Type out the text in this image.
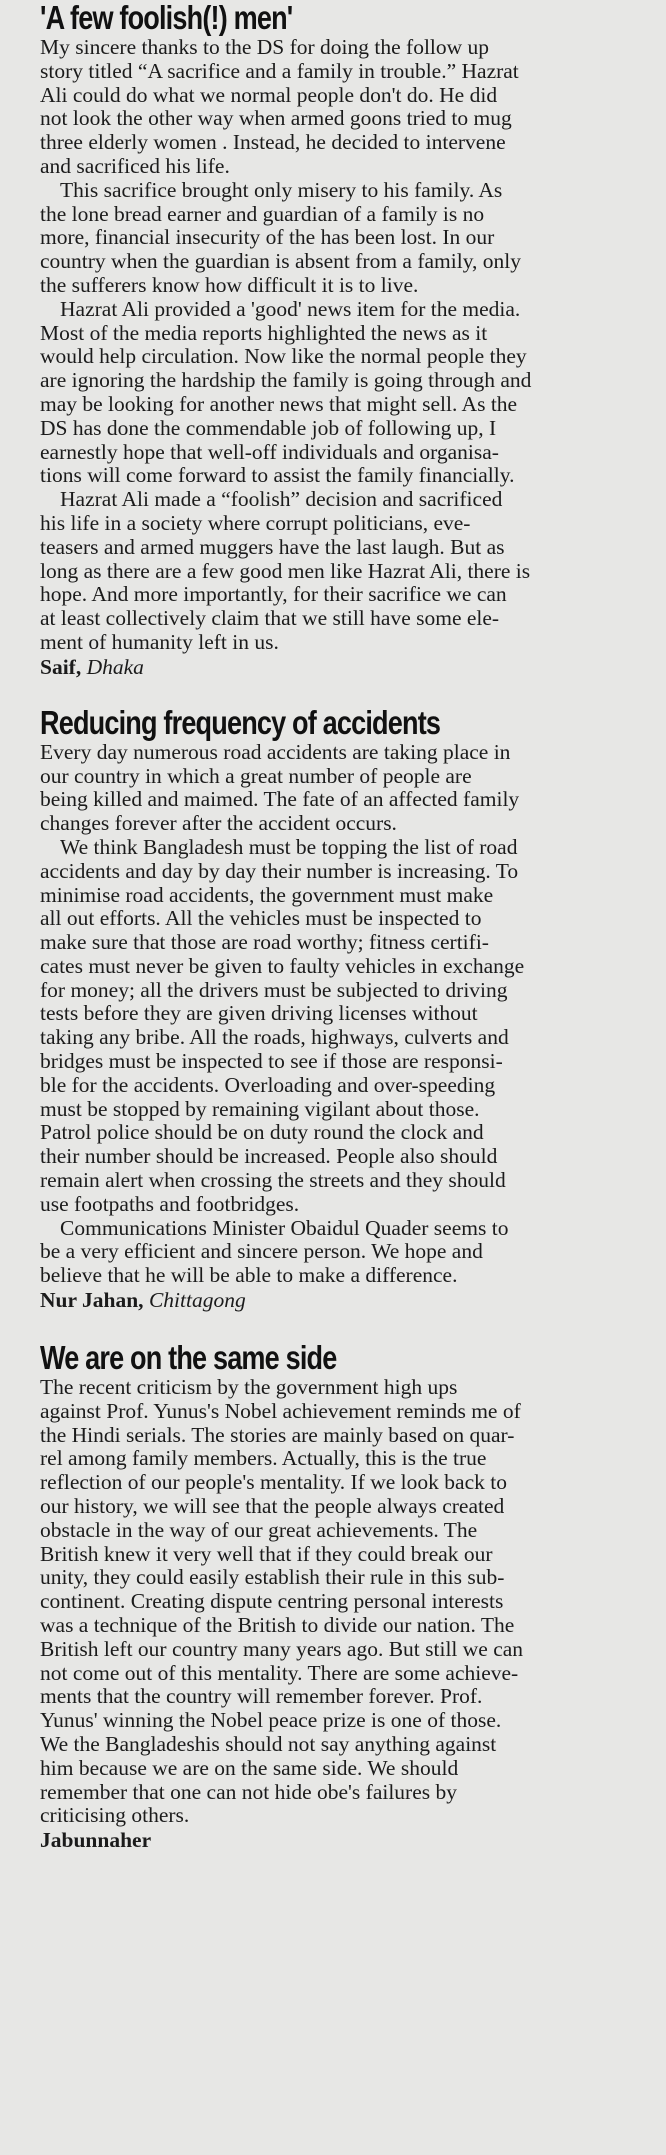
'A few foolish(!) men'

My sincere thanks to the DS for doing the follow up
story titled “A sacrifice and a family in trouble.” Hazrat
Ali could do what we normal people don't do. He did
not look the other way when armed goons tried to mug
three elderly women . Instead, he decided to intervene
and sacrificed his life.

This sacrifice brought only misery to his family. As
the lone bread earner and guardian of a family is no
more, financial insecurity of the has been lost. In our
country when the guardian is absent from a family, only
the sufferers know how difficult it is to live.

Hazrat Ali provided a 'good' news item for the media.
Most of the media reports highlighted the news as it
would help circulation. Now like the normal people they
are ignoring the hardship the family is going through and
may be looking for another news that might sell. As the
DS has done the commendable job of following up, I
earnestly hope that well-off individuals and organisa-
tions will come forward to assist the family financially.

Hazrat Ali made a “foolish” decision and sacrificed
his life in a society where corrupt politicians, eve-
teasers and armed muggers have the last laugh. But as
long as there are a few good men like Hazrat Ali, there is
hope. And more importantly, for their sacrifice we can
at least collectively claim that we still have some ele-
ment of humanity left in us.

Saif, Dhaka
Reducing frequency of accidents

Every day numerous road accidents are taking place in
our country in which a great number of people are
being killed and maimed. The fate of an affected family
changes forever after the accident occurs.

We think Bangladesh must be topping the list of road
accidents and day by day their number is increasing. To
minimise road accidents, the government must make
all out efforts. All the vehicles must be inspected to
make sure that those are road worthy; fitness certifi-
cates must never be given to faulty vehicles in exchange
for money; all the drivers must be subjected to driving
tests before they are given driving licenses without
taking any bribe. All the roads, highways, culverts and
bridges must be inspected to see if those are responsi-
ble for the accidents. Overloading and over-speeding
must be stopped by remaining vigilant about those.
Patrol police should be on duty round the clock and
their number should be increased. People also should
remain alert when crossing the streets and they should
use footpaths and footbridges.

Communications Minister Obaidul Quader seems to
be a very efficient and sincere person. We hope and
believe that he will be able to make a difference.

Nur Jahan, Chittagong
We are on the same side

The recent criticism by the government high ups
against Prof. Yunus's Nobel achievement reminds me of
the Hindi serials. The stories are mainly based on quar-
rel among family members. Actually, this is the true
reflection of our people's mentality. If we look back to
our history, we will see that the people always created
obstacle in the way of our great achievements. The
British knew it very well that if they could break our
unity, they could easily establish their rule in this sub-
continent. Creating dispute centring personal interests
was a technique of the British to divide our nation. The
British left our country many years ago. But still we can
not come out of this mentality. There are some achieve-
ments that the country will remember forever. Prof.
Yunus' winning the Nobel peace prize is one of those.
We the Bangladeshis should not say anything against
him because we are on the same side. We should
remember that one can not hide obe's failures by
criticising others.

Jabunnaher
